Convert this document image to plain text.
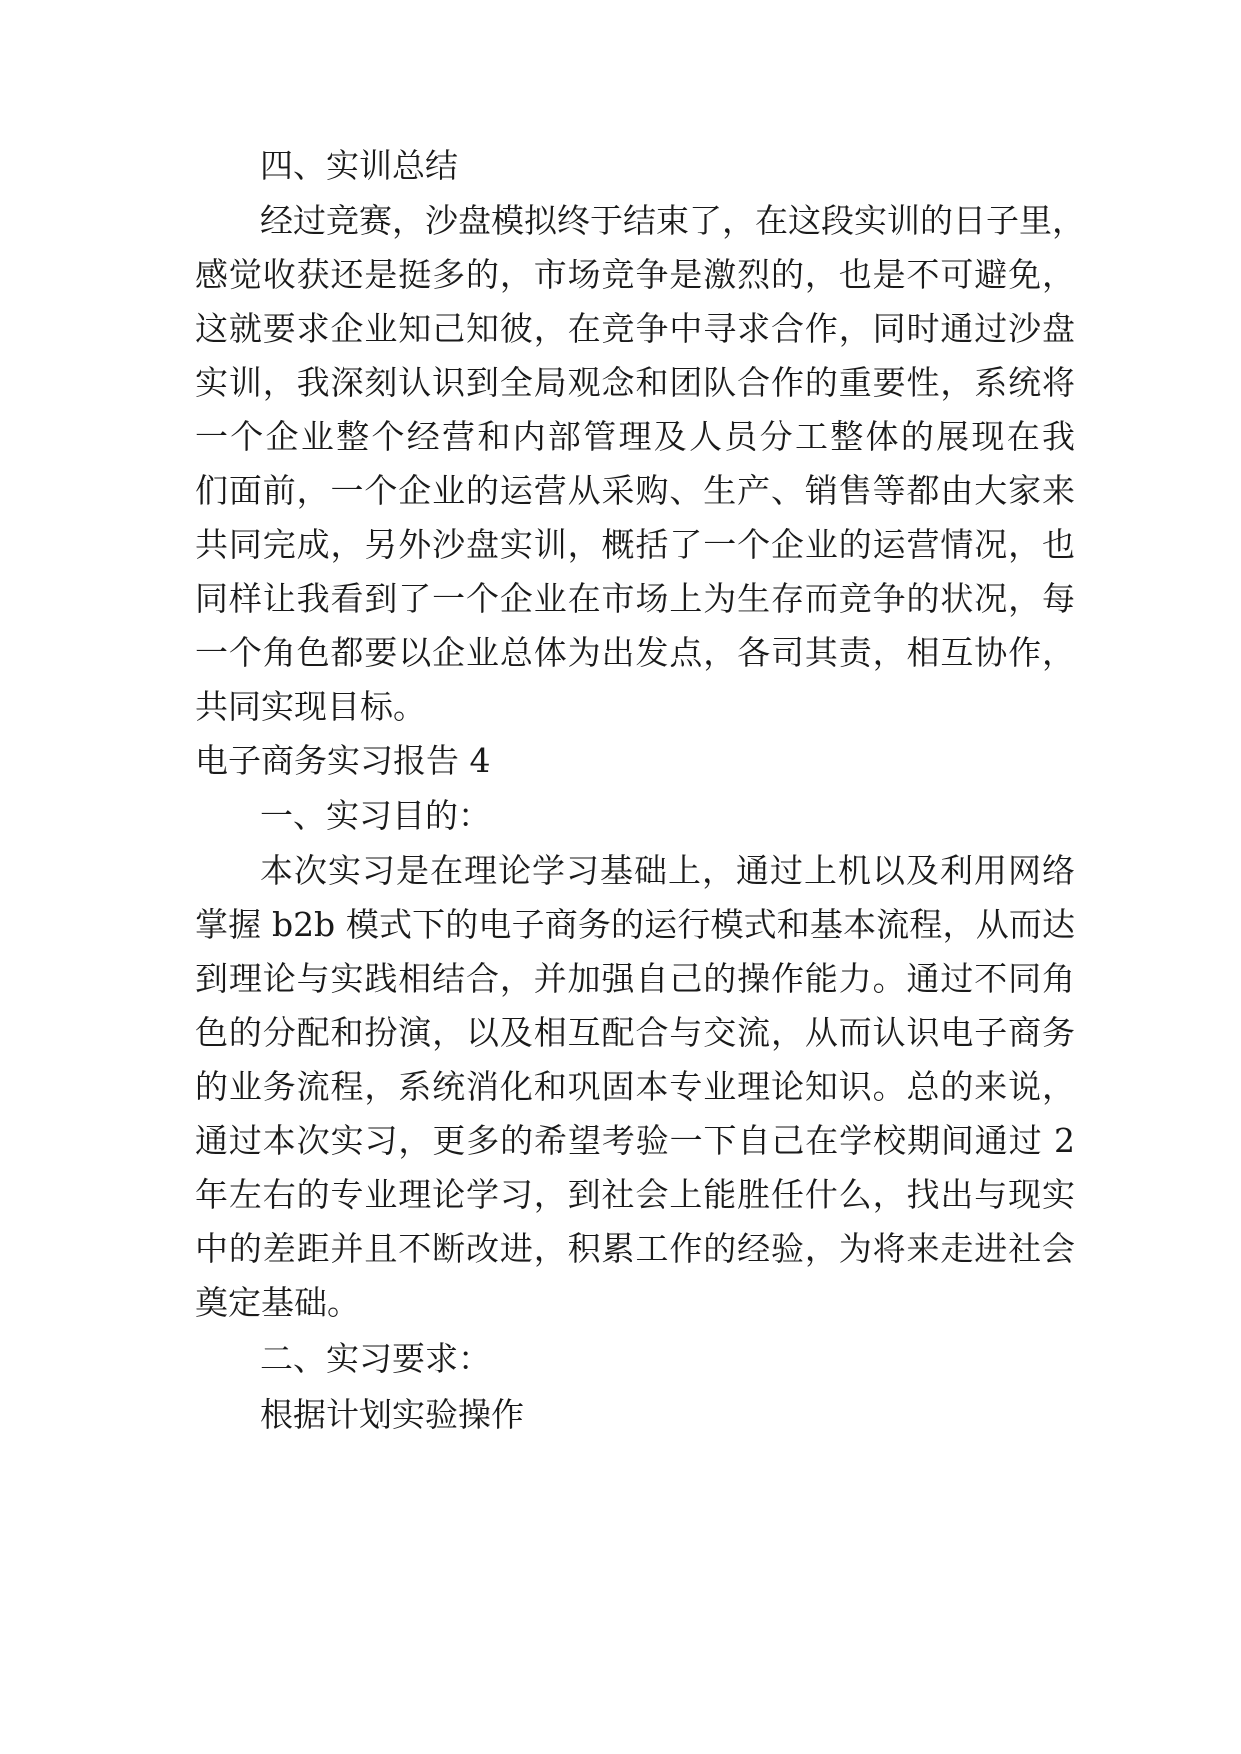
四、实训总结
经过竞赛，沙盘模拟终于结束了，在这段实训的日子里，
感觉收获还是挺多的，市场竞争是激烈的，也是不可避免，
这就要求企业知己知彼，在竞争中寻求合作，同时通过沙盘
实训，我深刻认识到全局观念和团队合作的重要性，系统将
一个企业整个经营和内部管理及人员分工整体的展现在我
们面前，一个企业的运营从采购、生产、销售等都由大家来
共同完成，另外沙盘实训，概括了一个企业的运营情况，也
同样让我看到了一个企业在市场上为生存而竞争的状况，每
一个角色都要以企业总体为出发点，各司其责，相互协作，
共同实现目标。
电子商务实习报告 4
一、实习目的：
本次实习是在理论学习基础上，通过上机以及利用网络
掌握 b2b 模式下的电子商务的运行模式和基本流程，从而达
到理论与实践相结合，并加强自己的操作能力。通过不同角
色的分配和扮演，以及相互配合与交流，从而认识电子商务
的业务流程，系统消化和巩固本专业理论知识。总的来说，
通过本次实习，更多的希望考验一下自己在学校期间通过 2
年左右的专业理论学习，到社会上能胜任什么，找出与现实
中的差距并且不断改进，积累工作的经验，为将来走进社会
奠定基础。
二、实习要求：
根据计划实验操作
